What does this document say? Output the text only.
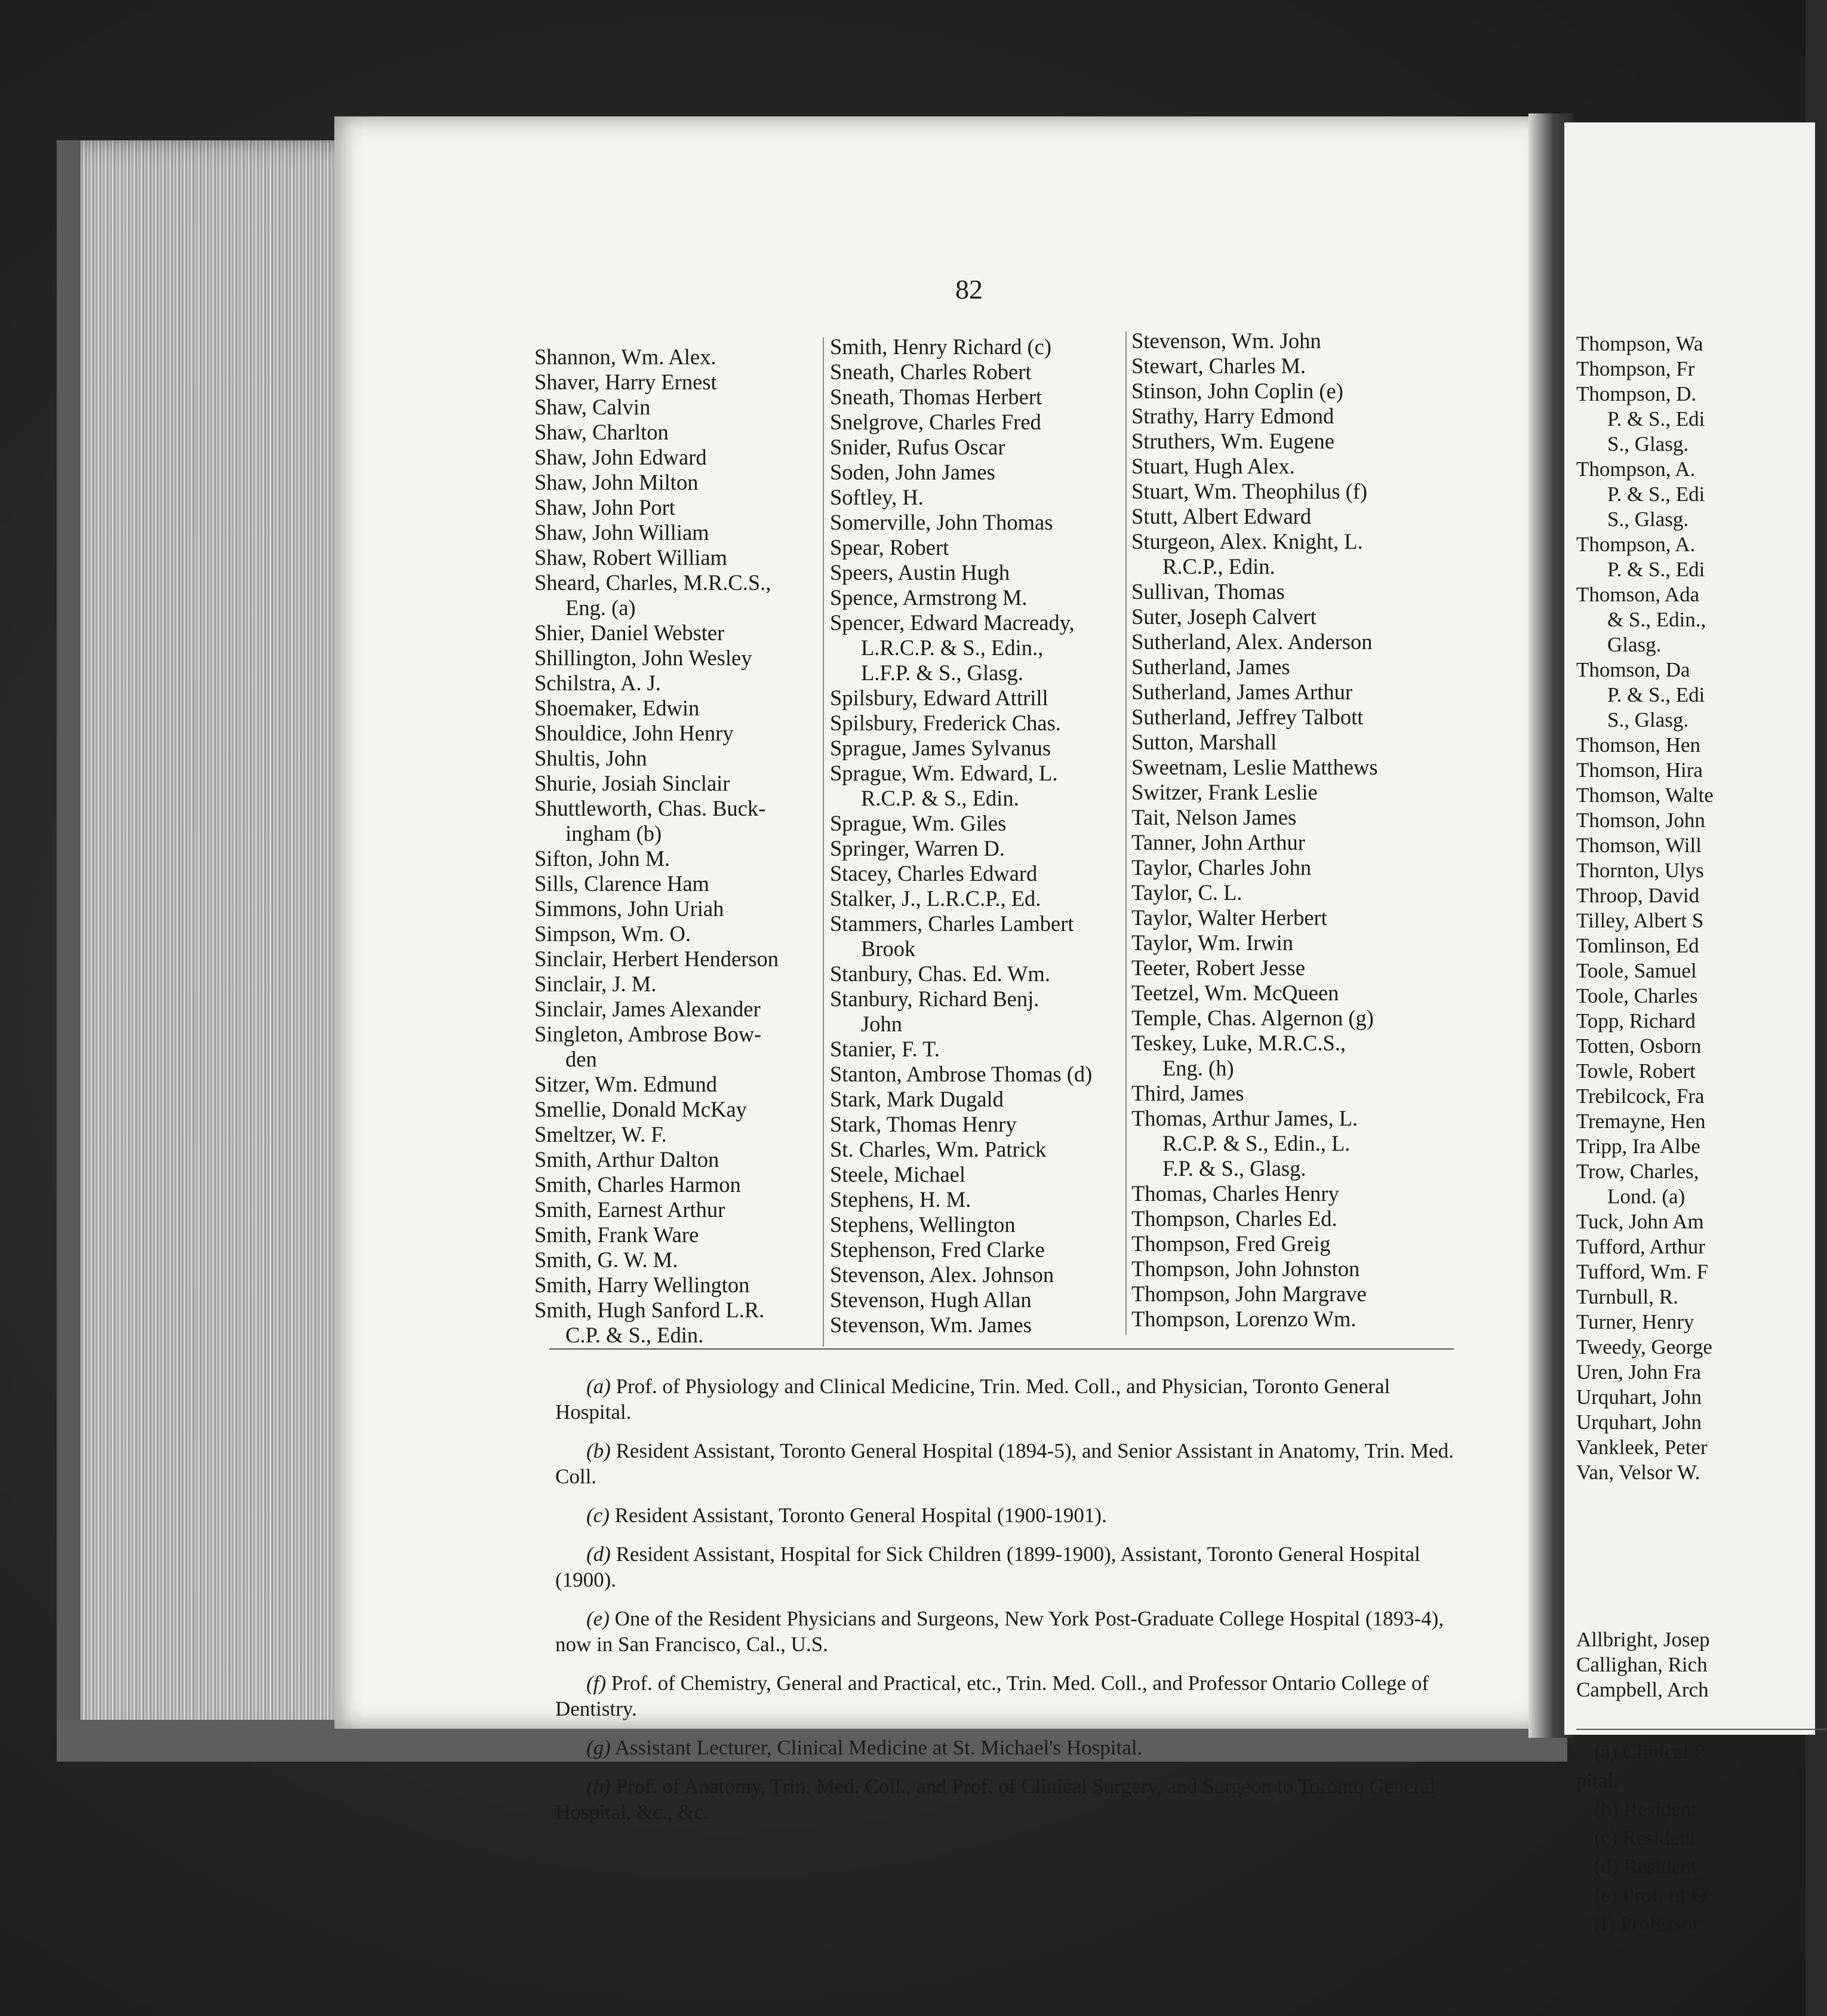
Thompson, Wa
Thompson, Fr
Thompson, D.
P. & S., Edi
S., Glasg.
Thompson, A.
P. & S., Edi
S., Glasg.
Thompson, A.
P. & S., Edi
Thomson, Ada
& S., Edin.,
Glasg.
Thomson, Da
P. & S., Edi
S., Glasg.
Thomson, Hen
Thomson, Hira
Thomson, Walte
Thomson, John
Thomson, Will
Thornton, Ulys
Throop, David
Tilley, Albert S
Tomlinson, Ed
Toole, Samuel
Toole, Charles
Topp, Richard
Totten, Osborn
Towle, Robert
Trebilcock, Fra
Tremayne, Hen
Tripp, Ira Albe
Trow, Charles,
Lond. (a)
Tuck, John Am
Tufford, Arthur
Tufford, Wm. F
Turnbull, R.
Turner, Henry
Tweedy, George
Uren, John Fra
Urquhart, John
Urquhart, John
Vankleek, Peter
Van, Velsor W.
Allbright, Josep
Callighan, Rich
Campbell, Arch
(a) Clinical P
pital.
(b) Resident
(c) Resident
(d) Resident
(e) Prof. of O
(f) Professor
82
Shannon, Wm. Alex.
Shaver, Harry Ernest
Shaw, Calvin
Shaw, Charlton
Shaw, John Edward
Shaw, John Milton
Shaw, John Port
Shaw, John William
Shaw, Robert William
Sheard, Charles, M.R.C.S.,
Eng. (a)
Shier, Daniel Webster
Shillington, John Wesley
Schilstra, A. J.
Shoemaker, Edwin
Shouldice, John Henry
Shultis, John
Shurie, Josiah Sinclair
Shuttleworth, Chas. Buck-
ingham (b)
Sifton, John M.
Sills, Clarence Ham
Simmons, John Uriah
Simpson, Wm. O.
Sinclair, Herbert Henderson
Sinclair, J. M.
Sinclair, James Alexander
Singleton, Ambrose Bow-
den
Sitzer, Wm. Edmund
Smellie, Donald McKay
Smeltzer, W. F.
Smith, Arthur Dalton
Smith, Charles Harmon
Smith, Earnest Arthur
Smith, Frank Ware
Smith, G. W. M.
Smith, Harry Wellington
Smith, Hugh Sanford L.R.
C.P. & S., Edin.
Smith, Henry Richard (c)
Sneath, Charles Robert
Sneath, Thomas Herbert
Snelgrove, Charles Fred
Snider, Rufus Oscar
Soden, John James
Softley, H.
Somerville, John Thomas
Spear, Robert
Speers, Austin Hugh
Spence, Armstrong M.
Spencer, Edward Macready,
L.R.C.P. & S., Edin.,
L.F.P. & S., Glasg.
Spilsbury, Edward Attrill
Spilsbury, Frederick Chas.
Sprague, James Sylvanus
Sprague, Wm. Edward, L.
R.C.P. & S., Edin.
Sprague, Wm. Giles
Springer, Warren D.
Stacey, Charles Edward
Stalker, J., L.R.C.P., Ed.
Stammers, Charles Lambert
Brook
Stanbury, Chas. Ed. Wm.
Stanbury, Richard Benj.
John
Stanier, F. T.
Stanton, Ambrose Thomas (d)
Stark, Mark Dugald
Stark, Thomas Henry
St. Charles, Wm. Patrick
Steele, Michael
Stephens, H. M.
Stephens, Wellington
Stephenson, Fred Clarke
Stevenson, Alex. Johnson
Stevenson, Hugh Allan
Stevenson, Wm. James
Stevenson, Wm. John
Stewart, Charles M.
Stinson, John Coplin (e)
Strathy, Harry Edmond
Struthers, Wm. Eugene
Stuart, Hugh Alex.
Stuart, Wm. Theophilus (f)
Stutt, Albert Edward
Sturgeon, Alex. Knight, L.
R.C.P., Edin.
Sullivan, Thomas
Suter, Joseph Calvert
Sutherland, Alex. Anderson
Sutherland, James
Sutherland, James Arthur
Sutherland, Jeffrey Talbott
Sutton, Marshall
Sweetnam, Leslie Matthews
Switzer, Frank Leslie
Tait, Nelson James
Tanner, John Arthur
Taylor, Charles John
Taylor, C. L.
Taylor, Walter Herbert
Taylor, Wm. Irwin
Teeter, Robert Jesse
Teetzel, Wm. McQueen
Temple, Chas. Algernon (g)
Teskey, Luke, M.R.C.S.,
Eng. (h)
Third, James
Thomas, Arthur James, L.
R.C.P. & S., Edin., L.
F.P. & S., Glasg.
Thomas, Charles Henry
Thompson, Charles Ed.
Thompson, Fred Greig
Thompson, John Johnston
Thompson, John Margrave
Thompson, Lorenzo Wm.

(a) Prof. of Physiology and Clinical Medicine, Trin. Med. Coll., and Physician, Toronto General Hospital.

(b) Resident Assistant, Toronto General Hospital (1894-5), and Senior Assistant in Anatomy, Trin. Med. Coll.

(c) Resident Assistant, Toronto General Hospital (1900-1901).

(d) Resident Assistant, Hospital for Sick Children (1899-1900), Assistant, Toronto General Hospital (1900).

(e) One of the Resident Physicians and Surgeons, New York Post-Graduate College Hospital (1893-4), now in San Francisco, Cal., U.S.

(f) Prof. of Chemistry, General and Practical, etc., Trin. Med. Coll., and Professor Ontario College of Dentistry.

(g) Assistant Lecturer, Clinical Medicine at St. Michael's Hospital.

(h) Prof. of Anatomy, Trin. Med. Coll., and Prof. of Clinical Surgery, and Surgeon to Toronto General Hospital, &c., &c.
